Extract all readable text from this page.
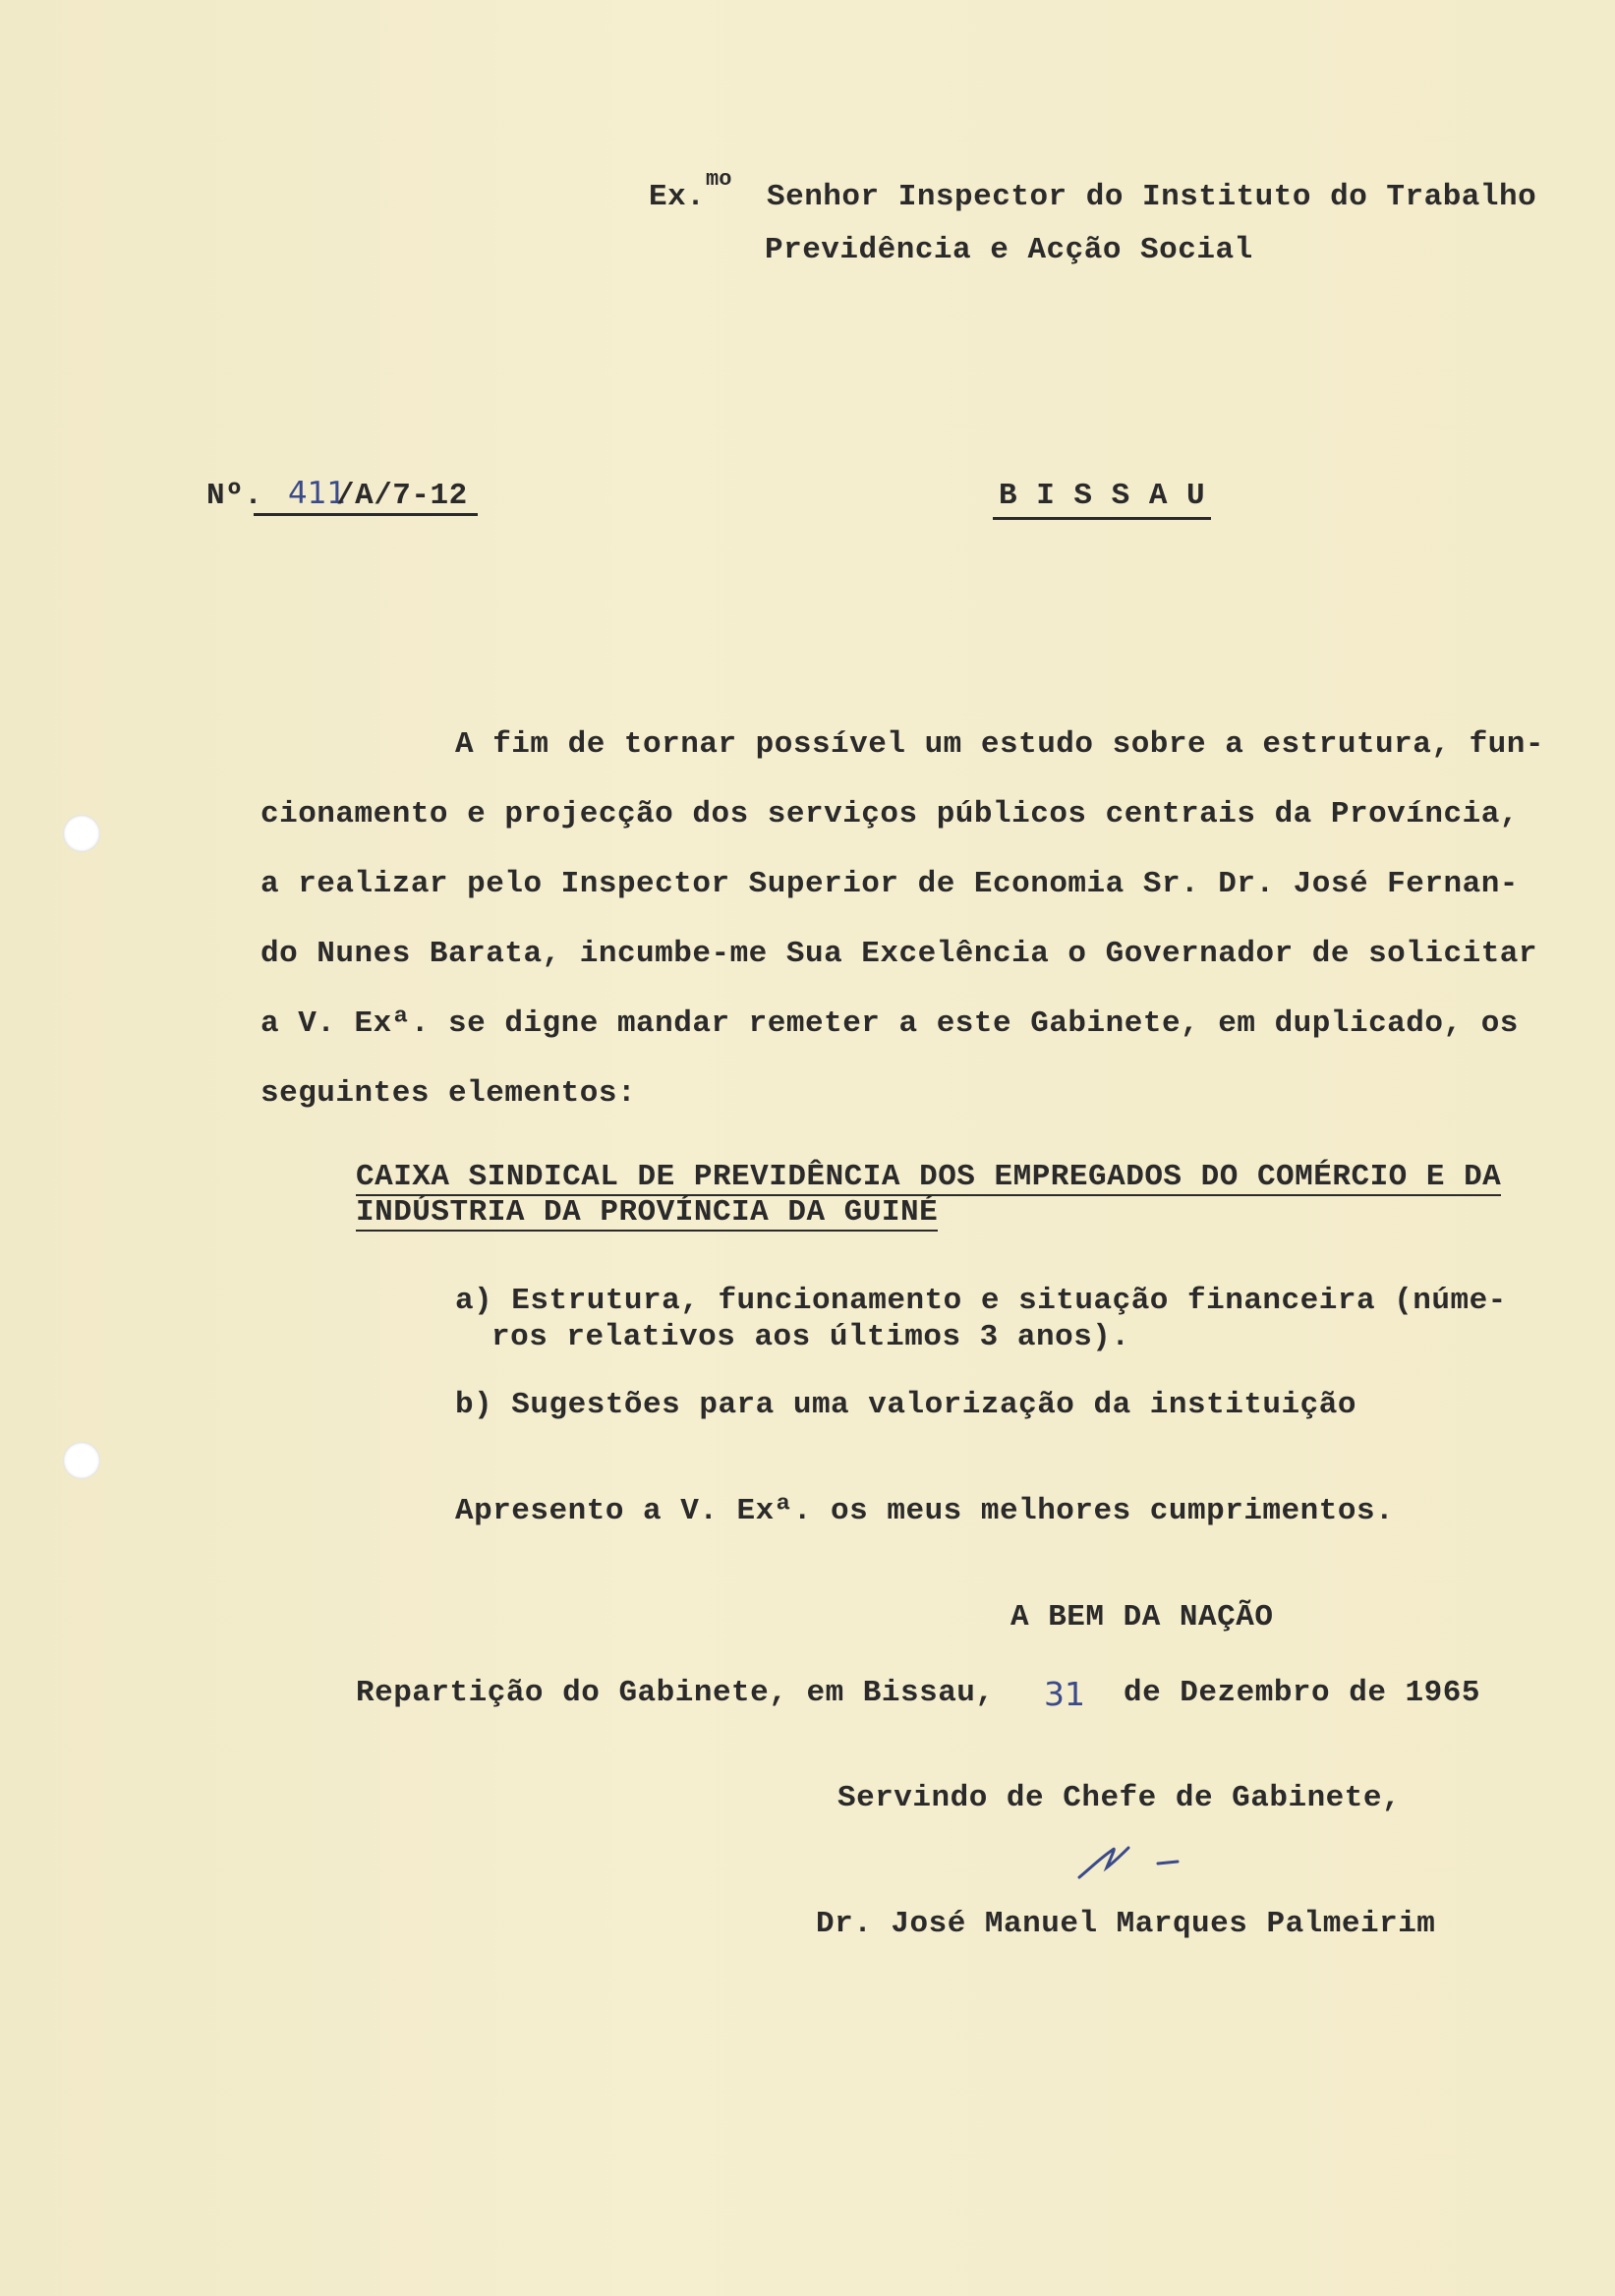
Ex.
mo
Senhor Inspector do Instituto do Trabalho
Previdência e Acção Social
Nº. 411
/A/7-12	B I S S A U
A fim de tornar possível um estudo sobre a estrutura, fun-
cionamento e projecção dos serviços públicos centrais da Província,
a realizar pelo Inspector Superior de Economia Sr. Dr. José Fernan-
do Nunes Barata, incumbe-me Sua Excelência o Governador de solicitar
a V. Exª. se digne mandar remeter a este Gabinete, em duplicado, os
seguintes elementos:
CAIXA SINDICAL DE PREVIDÊNCIA DOS EMPREGADOS DO COMÉRCIO E DA
INDÚSTRIA DA PROVÍNCIA DA GUINÉ
a) Estrutura, funcionamento e situação financeira (núme-
ros relativos aos últimos 3 anos).
b) Sugestões para uma valorização da instituição
Apresento a V. Exª. os meus melhores cumprimentos.
A BEM DA NAÇÃO
Repartição do Gabinete, em Bissau, 31 de Dezembro de 1965
Servindo de Chefe de Gabinete,
Dr. José Manuel Marques Palmeirim
